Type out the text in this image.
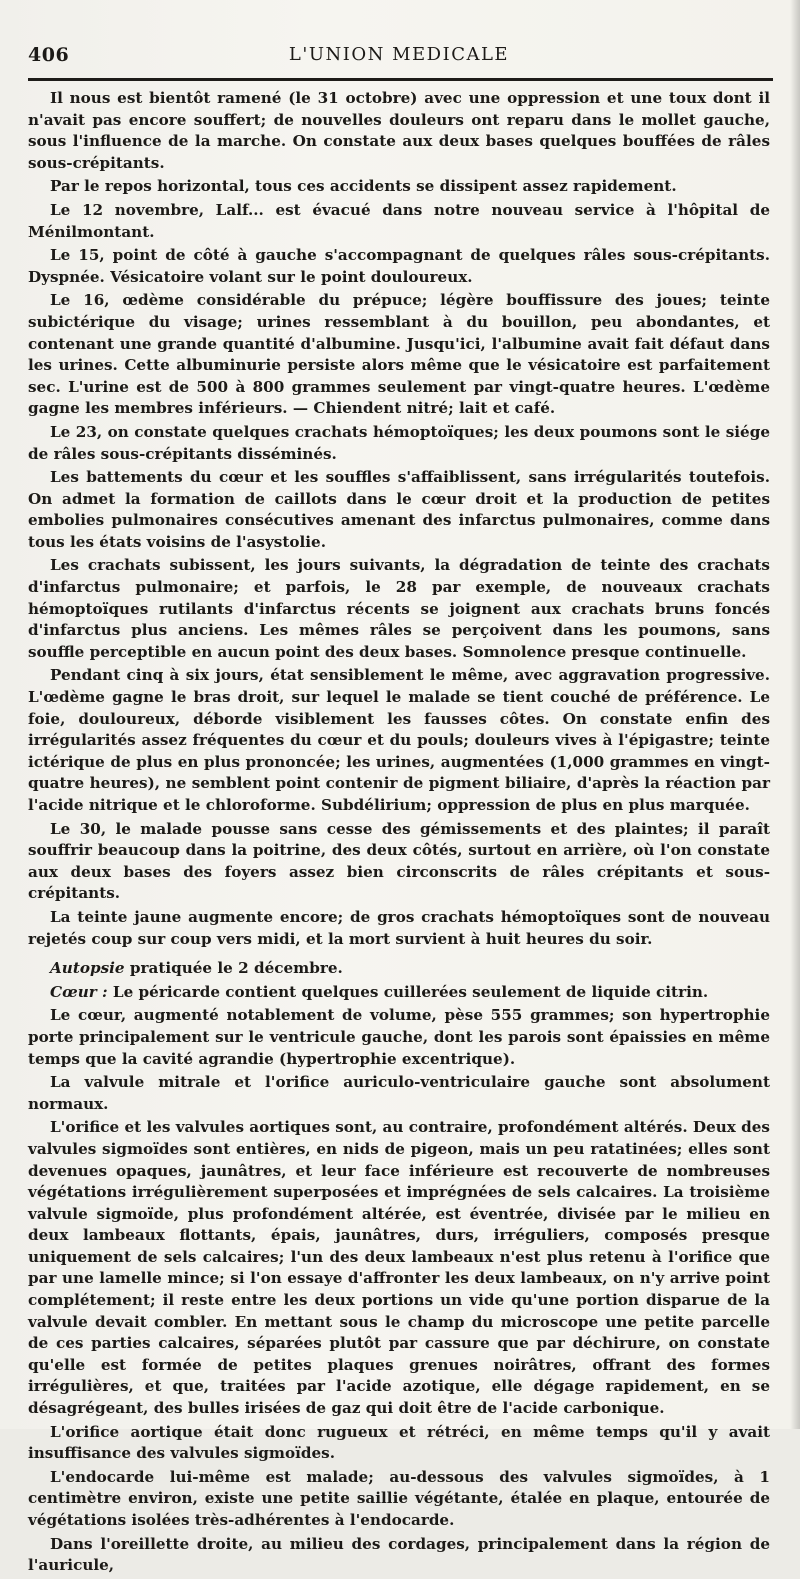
406	L'UNION MEDICALE

Il nous est bientôt ramené (le 31 octobre) avec une oppression et une toux dont il n'avait pas encore souffert; de nouvelles douleurs ont reparu dans le mollet gauche, sous l'influence de la marche. On constate aux deux bases quelques bouffées de râles sous-crépitants.

Par le repos horizontal, tous ces accidents se dissipent assez rapidement.

Le 12 novembre, Lalf... est évacué dans notre nouveau service à l'hôpital de Ménilmontant.

Le 15, point de côté à gauche s'accompagnant de quelques râles sous-crépitants. Dyspnée. Vésicatoire volant sur le point douloureux.

Le 16, œdème considérable du prépuce; légère bouffissure des joues; teinte subictérique du visage; urines ressemblant à du bouillon, peu abondantes, et contenant une grande quantité d'albumine. Jusqu'ici, l'albumine avait fait défaut dans les urines. Cette albuminurie persiste alors même que le vésicatoire est parfaitement sec. L'urine est de 500 à 800 grammes seulement par vingt-quatre heures. L'œdème gagne les membres inférieurs. — Chiendent nitré; lait et café.

Le 23, on constate quelques crachats hémoptoïques; les deux poumons sont le siége de râles sous-crépitants disséminés.

Les battements du cœur et les souffles s'affaiblissent, sans irrégularités toutefois. On admet la formation de caillots dans le cœur droit et la production de petites embolies pulmonaires consécutives amenant des infarctus pulmonaires, comme dans tous les états voisins de l'asystolie.

Les crachats subissent, les jours suivants, la dégradation de teinte des crachats d'infarctus pulmonaire; et parfois, le 28 par exemple, de nouveaux crachats hémoptoïques rutilants d'infarctus récents se joignent aux crachats bruns foncés d'infarctus plus anciens. Les mêmes râles se perçoivent dans les poumons, sans souffle perceptible en aucun point des deux bases. Somnolence presque continuelle.

Pendant cinq à six jours, état sensiblement le même, avec aggravation progressive. L'œdème gagne le bras droit, sur lequel le malade se tient couché de préférence. Le foie, douloureux, déborde visiblement les fausses côtes. On constate enfin des irrégularités assez fréquentes du cœur et du pouls; douleurs vives à l'épigastre; teinte ictérique de plus en plus prononcée; les urines, augmentées (1,000 grammes en vingt-quatre heures), ne semblent point contenir de pigment biliaire, d'après la réaction par l'acide nitrique et le chloroforme. Subdélirium; oppression de plus en plus marquée.

Le 30, le malade pousse sans cesse des gémissements et des plaintes; il paraît souffrir beaucoup dans la poitrine, des deux côtés, surtout en arrière, où l'on constate aux deux bases des foyers assez bien circonscrits de râles crépitants et sous-crépitants.

La teinte jaune augmente encore; de gros crachats hémoptoïques sont de nouveau rejetés coup sur coup vers midi, et la mort survient à huit heures du soir.

Autopsie pratiquée le 2 décembre.

Cœur : Le péricarde contient quelques cuillerées seulement de liquide citrin.

Le cœur, augmenté notablement de volume, pèse 555 grammes; son hypertrophie porte principalement sur le ventricule gauche, dont les parois sont épaissies en même temps que la cavité agrandie (hypertrophie excentrique).

La valvule mitrale et l'orifice auriculo-ventriculaire gauche sont absolument normaux.

L'orifice et les valvules aortiques sont, au contraire, profondément altérés. Deux des valvules sigmoïdes sont entières, en nids de pigeon, mais un peu ratatinées; elles sont devenues opaques, jaunâtres, et leur face inférieure est recouverte de nombreuses végétations irrégulièrement superposées et imprégnées de sels calcaires. La troisième valvule sigmoïde, plus profondément altérée, est éventrée, divisée par le milieu en deux lambeaux flottants, épais, jaunâtres, durs, irréguliers, composés presque uniquement de sels calcaires; l'un des deux lambeaux n'est plus retenu à l'orifice que par une lamelle mince; si l'on essaye d'affronter les deux lambeaux, on n'y arrive point complétement; il reste entre les deux portions un vide qu'une portion disparue de la valvule devait combler. En mettant sous le champ du microscope une petite parcelle de ces parties calcaires, séparées plutôt par cassure que par déchirure, on constate qu'elle est formée de petites plaques grenues noirâtres, offrant des formes irrégulières, et que, traitées par l'acide azotique, elle dégage rapidement, en se désagrégeant, des bulles irisées de gaz qui doit être de l'acide carbonique.

L'orifice aortique était donc rugueux et rétréci, en même temps qu'il y avait insuffisance des valvules sigmoïdes.

L'endocarde lui-même est malade; au-dessous des valvules sigmoïdes, à 1 centimètre environ, existe une petite saillie végétante, étalée en plaque, entourée de végétations isolées très-adhérentes à l'endocarde.

Dans l'oreillette droite, au milieu des cordages, principalement dans la région de l'auricule,
